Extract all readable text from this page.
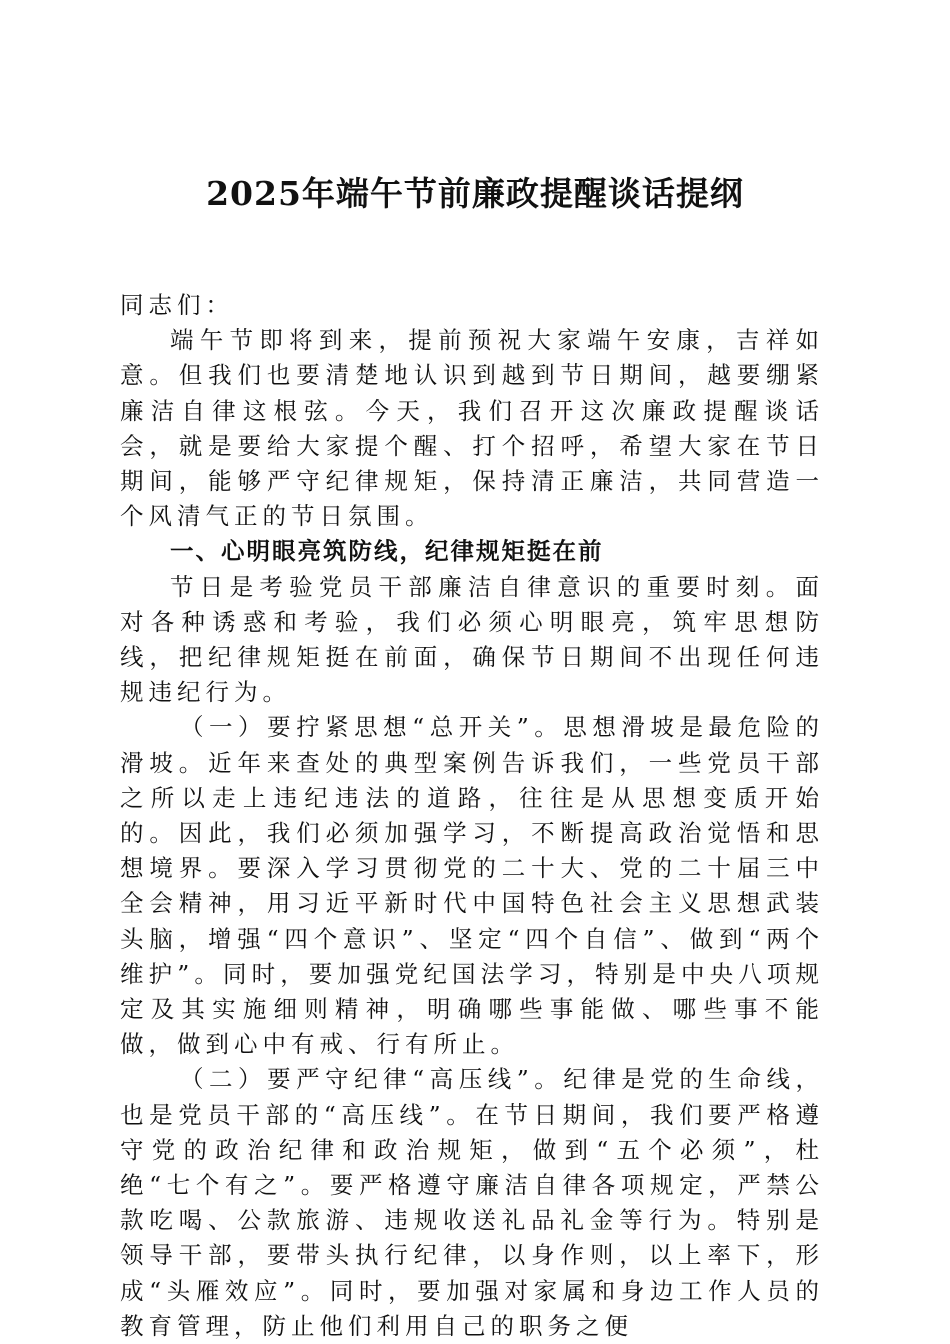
2025年端午节前廉政提醒谈话提纲

同志们：

端午节即将到来，提前预祝大家端午安康，吉祥如意。但我们也要清楚地认识到越到节日期间，越要绷紧廉洁自律这根弦。今天，我们召开这次廉政提醒谈话会，就是要给大家提个醒、打个招呼，希望大家在节日期间，能够严守纪律规矩，保持清正廉洁，共同营造一个风清气正的节日氛围。

一、心明眼亮筑防线，纪律规矩挺在前

节日是考验党员干部廉洁自律意识的重要时刻。面对各种诱惑和考验，我们必须心明眼亮，筑牢思想防线，把纪律规矩挺在前面，确保节日期间不出现任何违规违纪行为。

（一）要拧紧思想“总开关”。思想滑坡是最危险的滑坡。近年来查处的典型案例告诉我们，一些党员干部之所以走上违纪违法的道路，往往是从思想变质开始的。因此，我们必须加强学习，不断提高政治觉悟和思想境界。要深入学习贯彻党的二十大、党的二十届三中全会精神，用习近平新时代中国特色社会主义思想武装头脑，增强“四个意识”、坚定“四个自信”、做到“两个维护”。同时，要加强党纪国法学习，特别是中央八项规定及其实施细则精神，明确哪些事能做、哪些事不能做，做到心中有戒、行有所止。

（二）要严守纪律“高压线”。纪律是党的生命线，也是党员干部的“高压线”。在节日期间，我们要严格遵守党的政治纪律和政治规矩，做到“五个必须”，杜绝“七个有之”。要严格遵守廉洁自律各项规定，严禁公款吃喝、公款旅游、违规收送礼品礼金等行为。特别是领导干部，要带头执行纪律，以身作则，以上率下，形成“头雁效应”。同时，要加强对家属和身边工作人员的教育管理，防止他们利用自己的职务之便
